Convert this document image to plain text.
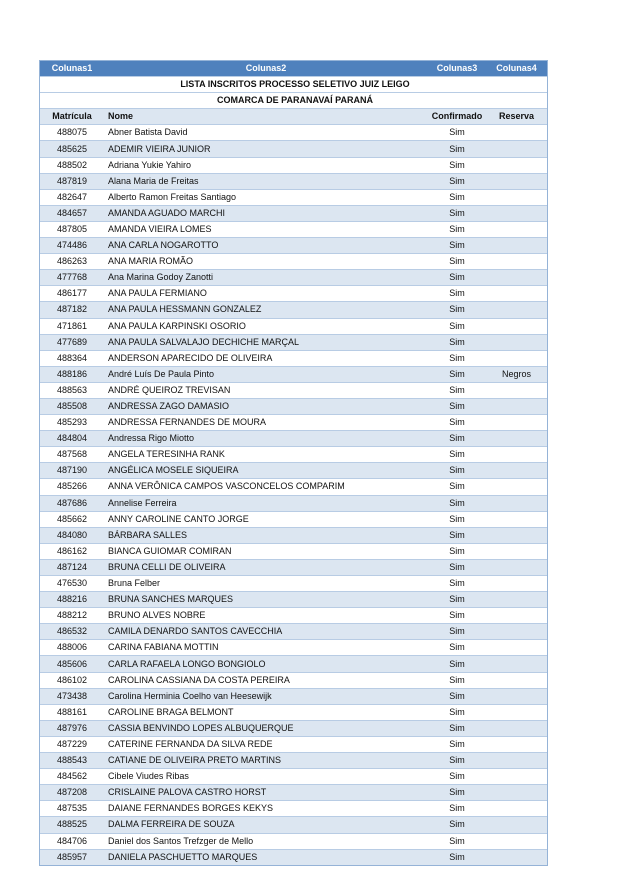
Colunas1	Colunas2	Colunas3	Colunas4
	LISTA INSCRITOS PROCESSO SELETIVO JUIZ LEIGO		
	COMARCA DE PARANAVAÍ PARANÁ		
Matrícula	Nome	Confirmado	Reserva
488075	Abner Batista David	Sim	
485625	ADEMIR VIEIRA JUNIOR	Sim	
488502	Adriana Yukie Yahiro	Sim	
487819	Alana Maria de Freitas	Sim	
482647	Alberto Ramon Freitas Santiago	Sim	
484657	AMANDA AGUADO MARCHI	Sim	
487805	AMANDA VIEIRA LOMES	Sim	
474486	ANA CARLA NOGAROTTO	Sim	
486263	ANA MARIA ROMÃO	Sim	
477768	Ana Marina Godoy Zanotti	Sim	
486177	ANA PAULA FERMIANO	Sim	
487182	ANA PAULA HESSMANN GONZALEZ	Sim	
471861	ANA PAULA KARPINSKI OSORIO	Sim	
477689	ANA PAULA SALVALAJO DECHICHE MARÇAL	Sim	
488364	ANDERSON APARECIDO DE OLIVEIRA	Sim	
488186	André Luís De Paula Pinto	Sim	Negros
488563	ANDRÉ QUEIROZ TREVISAN	Sim	
485508	ANDRESSA ZAGO DAMASIO	Sim	
485293	ANDRESSA FERNANDES DE MOURA	Sim	
484804	Andressa Rigo Miotto	Sim	
487568	ANGELA TERESINHA RANK	Sim	
487190	ANGÉLICA MOSELE SIQUEIRA	Sim	
485266	ANNA VERÔNICA CAMPOS VASCONCELOS COMPARIM	Sim	
487686	Annelise Ferreira	Sim	
485662	ANNY CAROLINE CANTO JORGE	Sim	
484080	BÁRBARA SALLES	Sim	
486162	BIANCA GUIOMAR COMIRAN	Sim	
487124	BRUNA CELLI DE OLIVEIRA	Sim	
476530	Bruna Felber	Sim	
488216	BRUNA SANCHES MARQUES	Sim	
488212	BRUNO ALVES NOBRE	Sim	
486532	CAMILA DENARDO SANTOS CAVECCHIA	Sim	
488006	CARINA FABIANA MOTTIN	Sim	
485606	CARLA RAFAELA LONGO BONGIOLO	Sim	
486102	CAROLINA CASSIANA DA COSTA PEREIRA	Sim	
473438	Carolina Herminia Coelho van Heesewijk	Sim	
488161	CAROLINE BRAGA BELMONT	Sim	
487976	CASSIA BENVINDO LOPES ALBUQUERQUE	Sim	
487229	CATERINE FERNANDA DA SILVA REDE	Sim	
488543	CATIANE DE OLIVEIRA PRETO MARTINS	Sim	
484562	Cibele Viudes Ribas	Sim	
487208	CRISLAINE PALOVA CASTRO HORST	Sim	
487535	DAIANE FERNANDES BORGES KEKYS	Sim	
488525	DALMA FERREIRA DE SOUZA	Sim	
484706	Daniel dos Santos Trefzger de Mello	Sim	
485957	DANIELA PASCHUETTO MARQUES	Sim	
